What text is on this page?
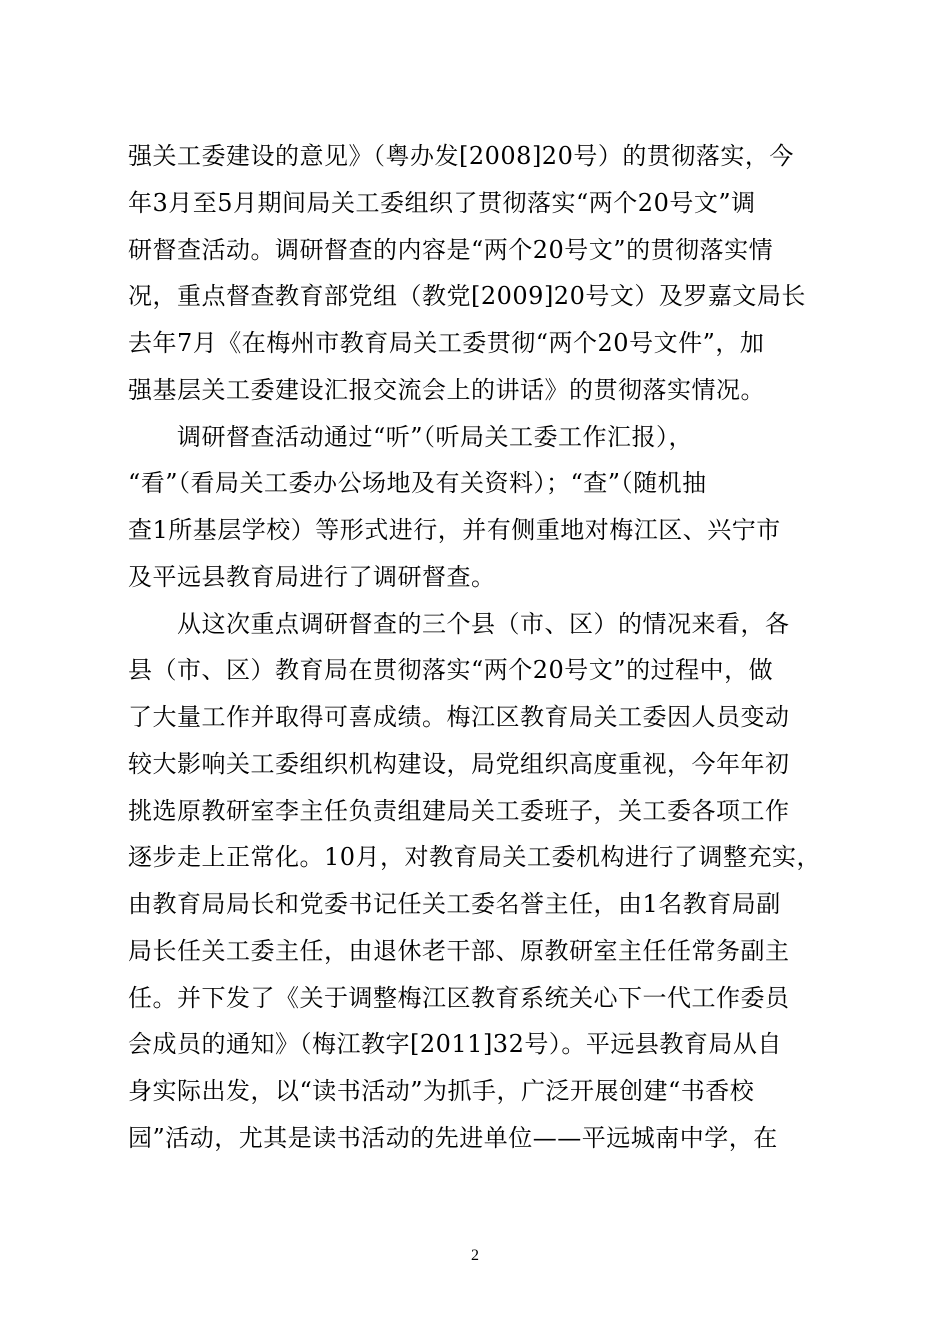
强关工委建设的意见》（粤办发[2008]20号）的贯彻落实，今
年3月至5月期间局关工委组织了贯彻落实“两个20号文”调
研督查活动。调研督查的内容是“两个20号文”的贯彻落实情
况，重点督查教育部党组（教党[2009]20号文）及罗嘉文局长
去年7月《在梅州市教育局关工委贯彻“两个20号文件”，加
强基层关工委建设汇报交流会上的讲话》的贯彻落实情况。
　　调研督查活动通过“听”（听局关工委工作汇报），
“看”（看局关工委办公场地及有关资料）；“查”（随机抽
查1所基层学校）等形式进行，并有侧重地对梅江区、兴宁市
及平远县教育局进行了调研督查。
　　从这次重点调研督查的三个县（市、区）的情况来看，各
县（市、区）教育局在贯彻落实“两个20号文”的过程中，做
了大量工作并取得可喜成绩。梅江区教育局关工委因人员变动
较大影响关工委组织机构建设，局党组织高度重视，今年年初
挑选原教研室李主任负责组建局关工委班子，关工委各项工作
逐步走上正常化。10月，对教育局关工委机构进行了调整充实，
由教育局局长和党委书记任关工委名誉主任，由1名教育局副
局长任关工委主任，由退休老干部、原教研室主任任常务副主
任。并下发了《关于调整梅江区教育系统关心下一代工作委员
会成员的通知》（梅江教字[2011]32号）。平远县教育局从自
身实际出发，以“读书活动”为抓手，广泛开展创建“书香校
园”活动，尤其是读书活动的先进单位——平远城南中学，在
2
